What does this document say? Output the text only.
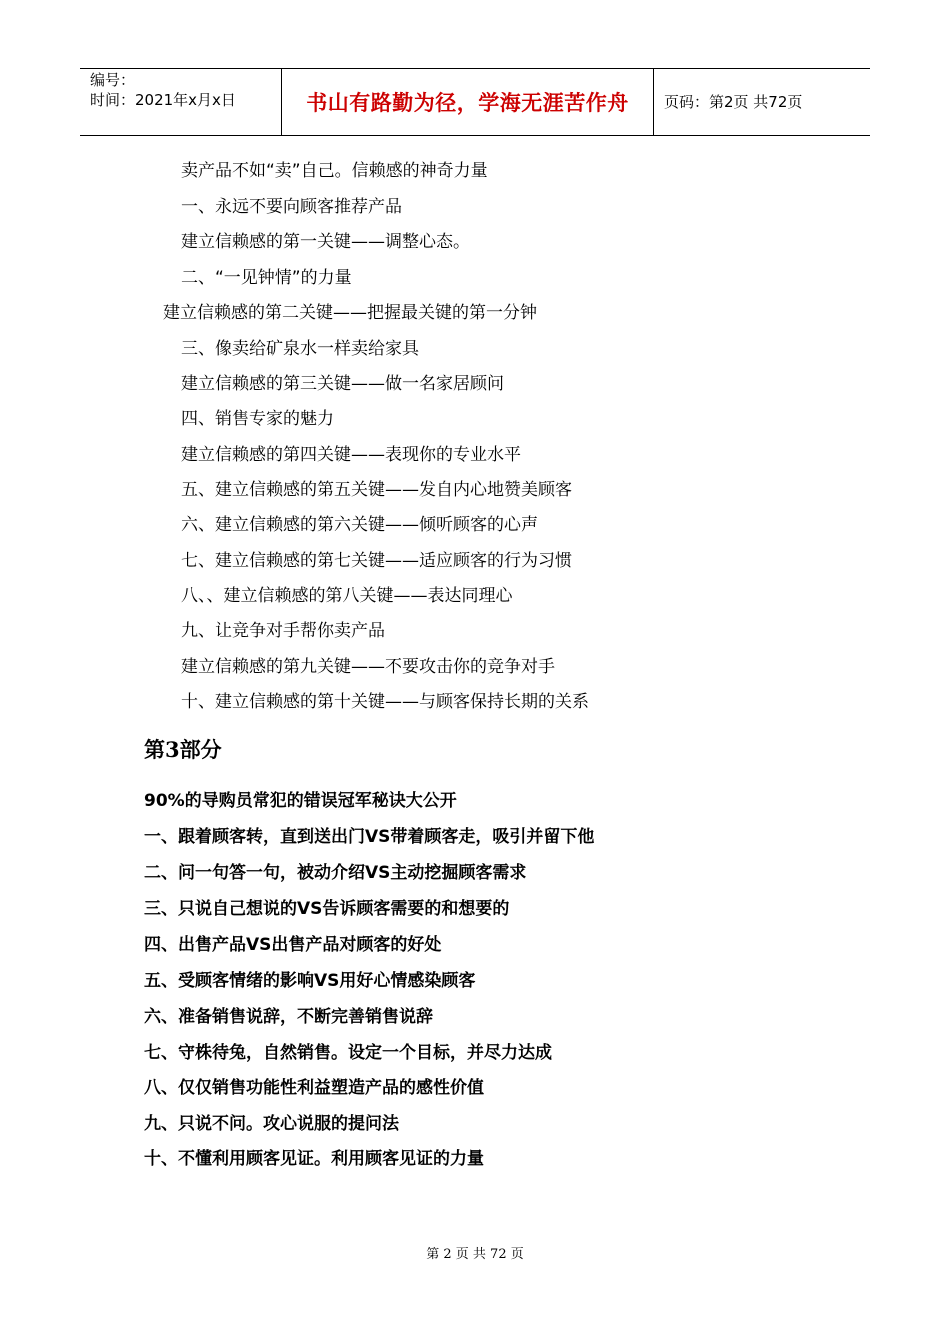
编号：
时间：2021年x月x日	书山有路勤为径，学海无涯苦作舟	页码：第2页 共72页
卖产品不如“卖”自己。信赖感的神奇力量
一、永远不要向顾客推荐产品
建立信赖感的第一关键——调整心态。
二、“一见钟情”的力量
建立信赖感的第二关键——把握最关键的第一分钟
三、像卖给矿泉水一样卖给家具
建立信赖感的第三关键——做一名家居顾问
四、销售专家的魅力
建立信赖感的第四关键——表现你的专业水平
五、建立信赖感的第五关键——发自内心地赞美顾客
六、建立信赖感的第六关键——倾听顾客的心声
七、建立信赖感的第七关键——适应顾客的行为习惯
八、、建立信赖感的第八关键——表达同理心
九、让竞争对手帮你卖产品
建立信赖感的第九关键——不要攻击你的竞争对手
十、建立信赖感的第十关键——与顾客保持长期的关系
第3部分
90%的导购员常犯的错误冠军秘诀大公开
一、跟着顾客转，直到送出门VS带着顾客走，吸引并留下他
二、问一句答一句，被动介绍VS主动挖掘顾客需求
三、只说自己想说的VS告诉顾客需要的和想要的
四、出售产品VS出售产品对顾客的好处
五、受顾客情绪的影响VS用好心情感染顾客
六、准备销售说辞，不断完善销售说辞
七、守株待兔，自然销售。设定一个目标，并尽力达成
八、仅仅销售功能性利益塑造产品的感性价值
九、只说不问。攻心说服的提问法
十、不懂利用顾客见证。利用顾客见证的力量
第 2 页 共 72 页
